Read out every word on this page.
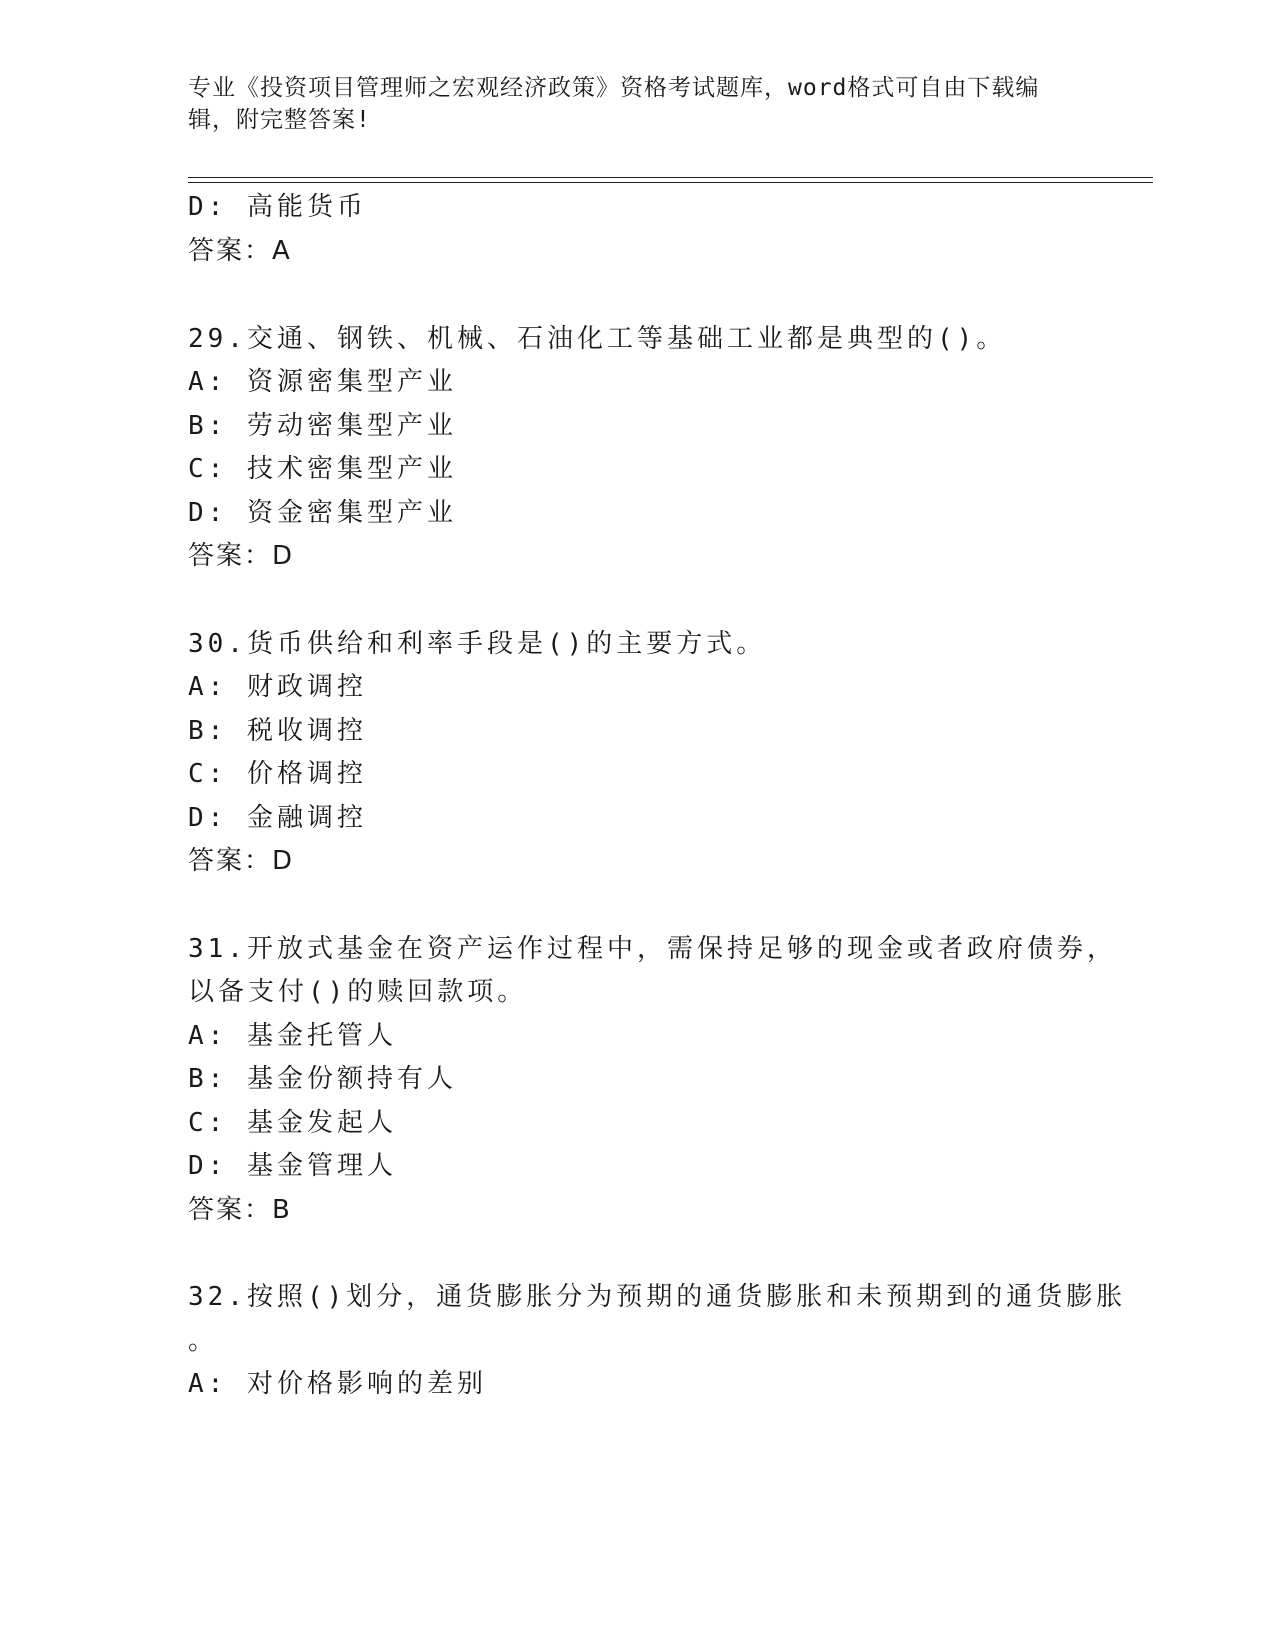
专业《投资项目管理师之宏观经济政策》资格考试题库，word格式可自由下载编
辑，附完整答案!
D: 高能货币
答案：A
29.交通、钢铁、机械、石油化工等基础工业都是典型的()。
A: 资源密集型产业
B: 劳动密集型产业
C: 技术密集型产业
D: 资金密集型产业
答案：D
30.货币供给和利率手段是()的主要方式。
A: 财政调控
B: 税收调控
C: 价格调控
D: 金融调控
答案：D
31.开放式基金在资产运作过程中，需保持足够的现金或者政府债券，
以备支付()的赎回款项。
A: 基金托管人
B: 基金份额持有人
C: 基金发起人
D: 基金管理人
答案：B
32.按照()划分，通货膨胀分为预期的通货膨胀和未预期到的通货膨胀
。
A: 对价格影响的差别
